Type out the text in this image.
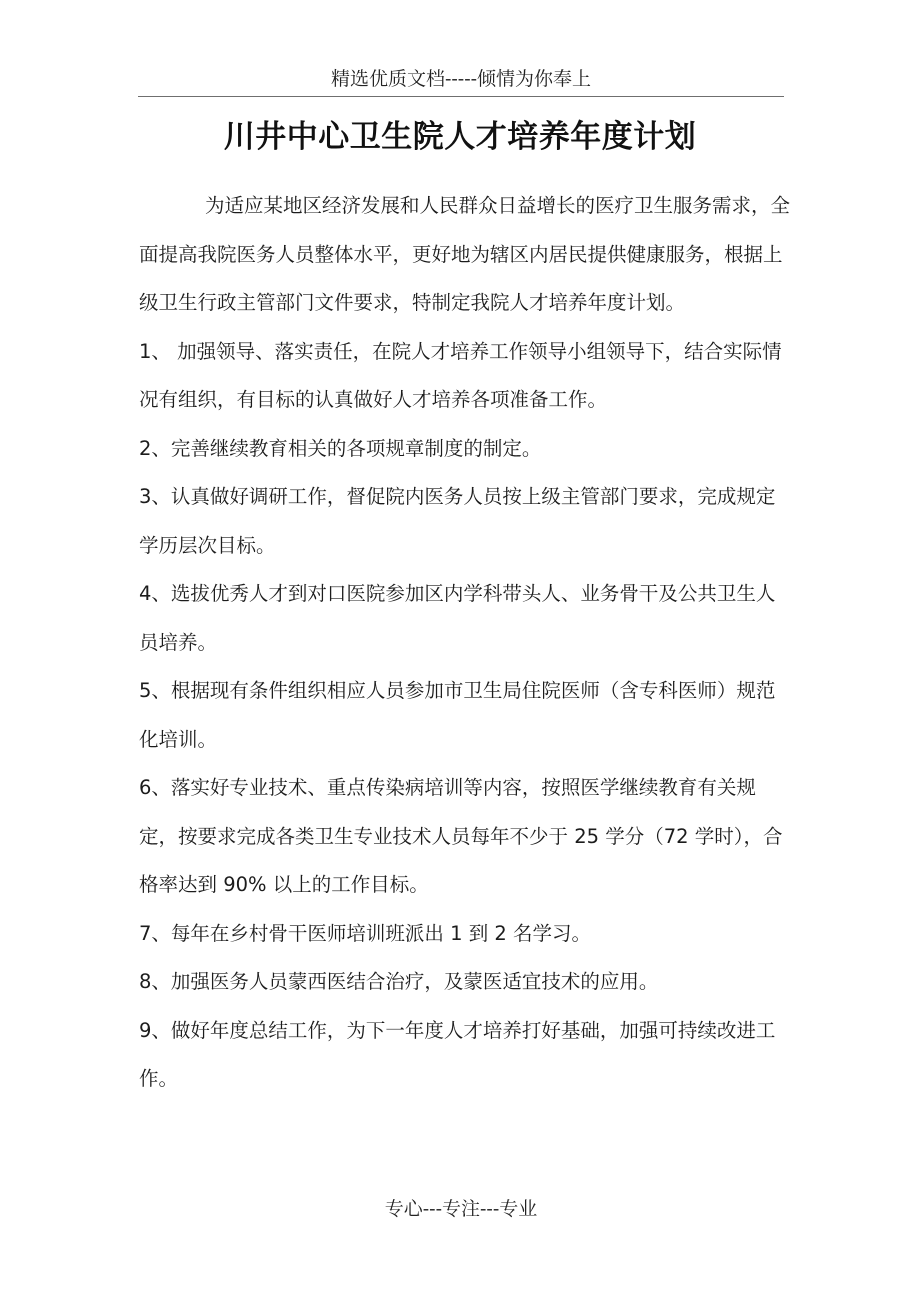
精选优质文档-----倾情为你奉上
川井中心卫生院人才培养年度计划

为适应某地区经济发展和人民群众日益增长的医疗卫生服务需求，全面提高我院医务人员整体水平，更好地为辖区内居民提供健康服务，根据上级卫生行政主管部门文件要求，特制定我院人才培养年度计划。

1、 加强领导、落实责任，在院人才培养工作领导小组领导下，结合实际情况有组织，有目标的认真做好人才培养各项准备工作。

2、完善继续教育相关的各项规章制度的制定。

3、认真做好调研工作，督促院内医务人员按上级主管部门要求，完成规定学历层次目标。

4、选拔优秀人才到对口医院参加区内学科带头人、业务骨干及公共卫生人员培养。

5、根据现有条件组织相应人员参加市卫生局住院医师（含专科医师）规范化培训。

6、落实好专业技术、重点传染病培训等内容，按照医学继续教育有关规定，按要求完成各类卫生专业技术人员每年不少于 25 学分（72 学时），合格率达到 90% 以上的工作目标。

7、每年在乡村骨干医师培训班派出 1 到 2 名学习。

8、加强医务人员蒙西医结合治疗，及蒙医适宜技术的应用。

9、做好年度总结工作，为下一年度人才培养打好基础，加强可持续改进工作。

专心---专注---专业
